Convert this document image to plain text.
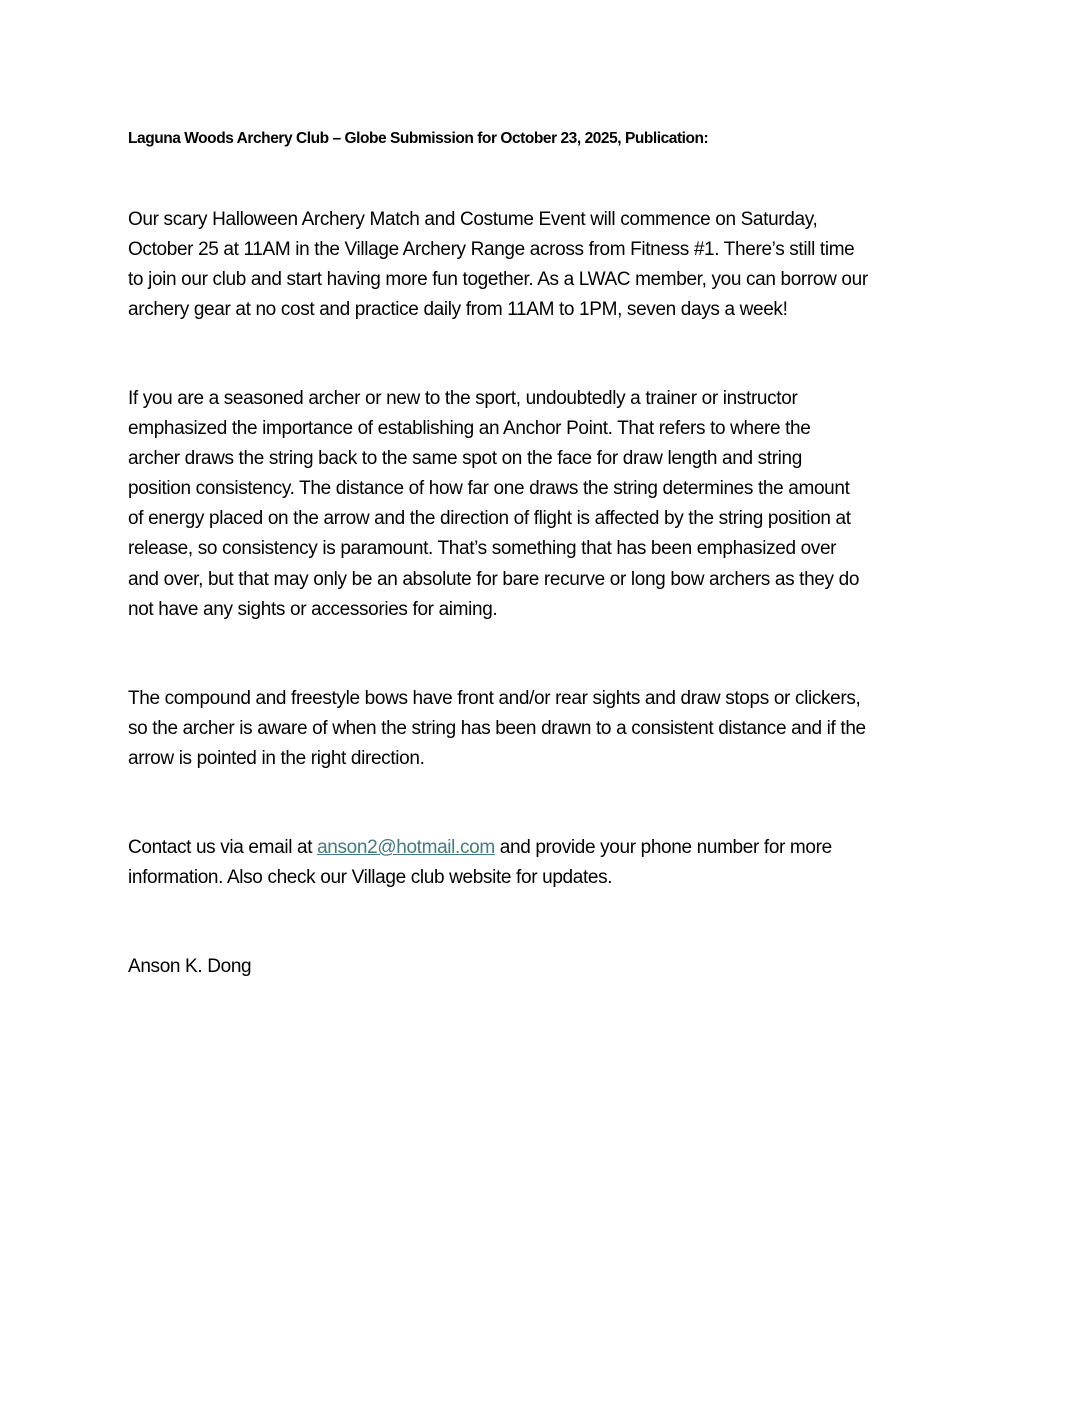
Laguna Woods Archery Club – Globe Submission for October 23, 2025, Publication:
Our scary Halloween Archery Match and Costume Event will commence on Saturday,
October 25 at 11AM in the Village Archery Range across from Fitness #1. There’s still time
to join our club and start having more fun together. As a LWAC member, you can borrow our
archery gear at no cost and practice daily from 11AM to 1PM, seven days a week!
If you are a seasoned archer or new to the sport, undoubtedly a trainer or instructor
emphasized the importance of establishing an Anchor Point. That refers to where the
archer draws the string back to the same spot on the face for draw length and string
position consistency. The distance of how far one draws the string determines the amount
of energy placed on the arrow and the direction of flight is affected by the string position at
release, so consistency is paramount. That’s something that has been emphasized over
and over, but that may only be an absolute for bare recurve or long bow archers as they do
not have any sights or accessories for aiming.
The compound and freestyle bows have front and/or rear sights and draw stops or clickers,
so the archer is aware of when the string has been drawn to a consistent distance and if the
arrow is pointed in the right direction.
Contact us via email at anson2@hotmail.com and provide your phone number for more
information. Also check our Village club website for updates.
Anson K. Dong
